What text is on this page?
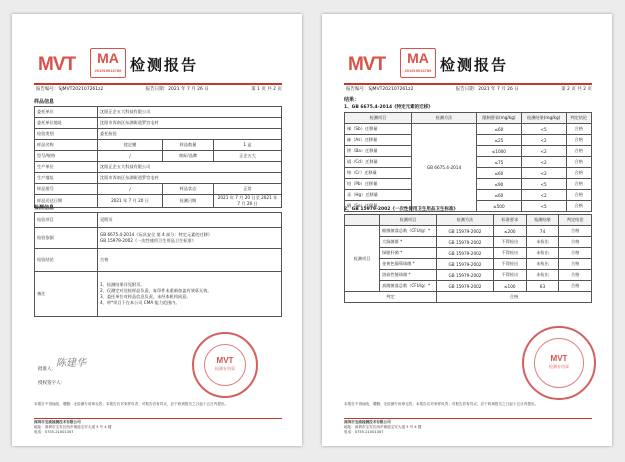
MVT	MA
201919016789 检测报告
报告编号：SJMVT202107261z2	报告日期：2021 年 7 月 26 日	第 1 页 共 2 页
样品信息
委托单位	沈阳正企五大科技有限公司		
委托单位地址	沈阳市浑南区东湖街道罗宫屯村		
检验类别	委托检验		
样品名称	搓足膜	样品数量	1 盒
型号/规格	/	商标/品牌	正企五大
生产单位	沈阳正企五大科技有限公司		
生产地址	沈阳市浑南区东湖街道罗宫屯村		
样品批号	/	样品状态	正常
样品送达日期	2021 年 7 月 20 日	检测日期	2021 年 7 月 20 日至 2021 年 7 月 26 日
检测信息
检验项目	见附页
检验依据	GB 6675.4-2014《玩具安全 第 4 部分：特定元素的迁移》
GB 15979-2002《一次性使用卫生用品卫生标准》
检验结论	合格
备注	1、检测结果详见附页。
2、仅测定对送检样品负责，复印件未重新加盖有效章无效。
3、委托单位对样品信息负责，未经本机构同意。
4、带*项目不在本公司 CMA 能力范围内。
批准人：
陈建华
授权签字人：
MVT
检测专用章
本报告不得涂改、增删；无检测专用章无效；本报告仅对来样负责；对报告若有异议，应于收到报告之日起十五日内提出。
深圳市宝威检测技术有限公司
地址：深圳市宝安区西乡街道宝安大道 5 号 4 楼
电话：0755-21001307
MVT	MA
201919016789 检测报告
报告编号：SJMVT202107261z2	报告日期：2021 年 7 月 26 日	第 2 页 共 2 页
结果：
1、GB 6675.4-2014《特定元素的迁移》
检测项目	检测方法	限制要求(mg/kg)	检测结果(mg/kg)	判定结论
锑（Sb）迁移量	GB 6675.4-2014	≤60	<5	合格
砷（As）迁移量		≤25	<2	合格
钡（Ba）迁移量		≤1000	<2	合格
镉（Cd）迁移量		≤75	<2	合格
铬（Cr）迁移量		≤60	<2	合格
铅（Pb）迁移量		≤90	<5	合格
汞（Hg）迁移量		≤60	<2	合格
硒（Se）迁移量		≤500	<5	合格
2、GB 15979-2002《一次性使用卫生用品卫生标准》
	检测项目	检测方法	标准要求	检测结果	判定结论
检测项目	细菌菌落总数（CFU/g）*	GB 15979-2002	≤200	74	合格
	大肠菌群 *	GB 15979-2002	不得检出	未检出	合格
	绿脓杆菌 *	GB 15979-2002	不得检出	未检出	合格
	金黄色葡萄球菌 *	GB 15979-2002	不得检出	未检出	合格
	溶血性链球菌 *	GB 15979-2002	不得检出	未检出	合格
	真菌菌落总数（CFU/g）*	GB 15979-2002	≤100	63	合格
判定		合格			
MVT
检测专用章
本报告不得涂改、增删；无检测专用章无效；本报告仅对来样负责；对报告若有异议，应于收到报告之日起十五日内提出。
深圳市宝威检测技术有限公司
地址：深圳市宝安区西乡街道宝安大道 5 号 4 楼
电话：0755-21001307
